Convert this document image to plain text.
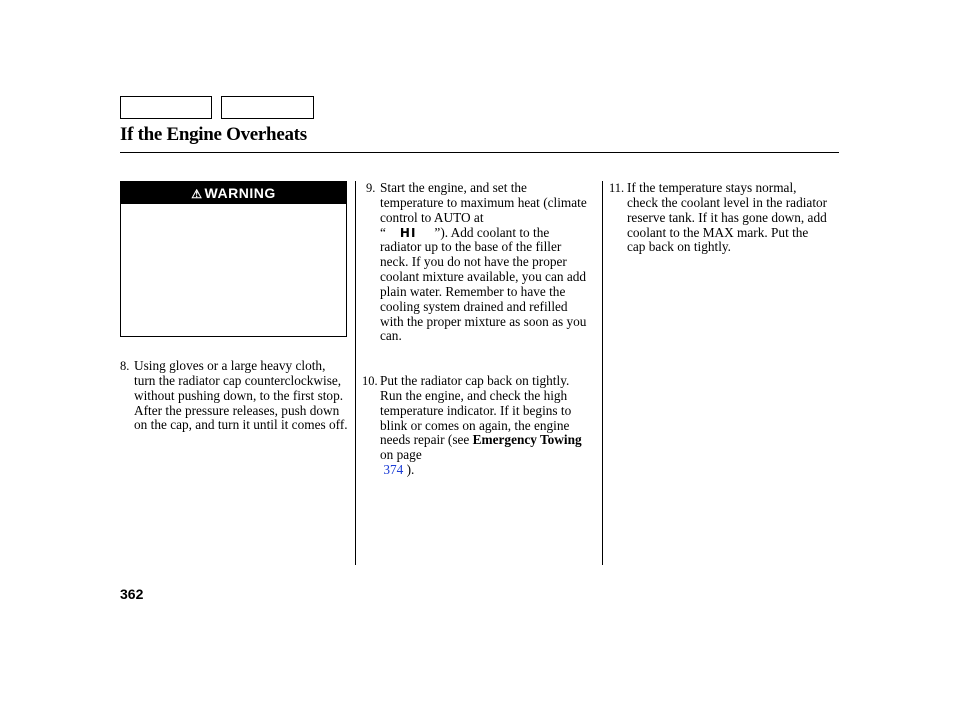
If the Engine Overheats
⚠ WARNING
8. Using gloves or a large heavy cloth, turn the radiator cap counterclockwise, without pushing down, to the first stop. After the pressure releases, push down on the cap, and turn it until it comes off.

9. Start the engine, and set the temperature to maximum heat (climate control to AUTO at
“ HI ”). Add coolant to the radiator up to the base of the filler neck. If you do not have the proper coolant mixture available, you can add plain water. Remember to have the cooling system drained and refilled with the proper mixture as soon as you can.

10. Put the radiator cap back on tightly. Run the engine, and check the high temperature indicator. If it begins to blink or comes on again, the engine needs repair (see Emergency Towing on page
374 ).

11. If the temperature stays normal, check the coolant level in the radiator reserve tank. If it has gone down, add coolant to the MAX mark. Put the cap back on tightly.

362
